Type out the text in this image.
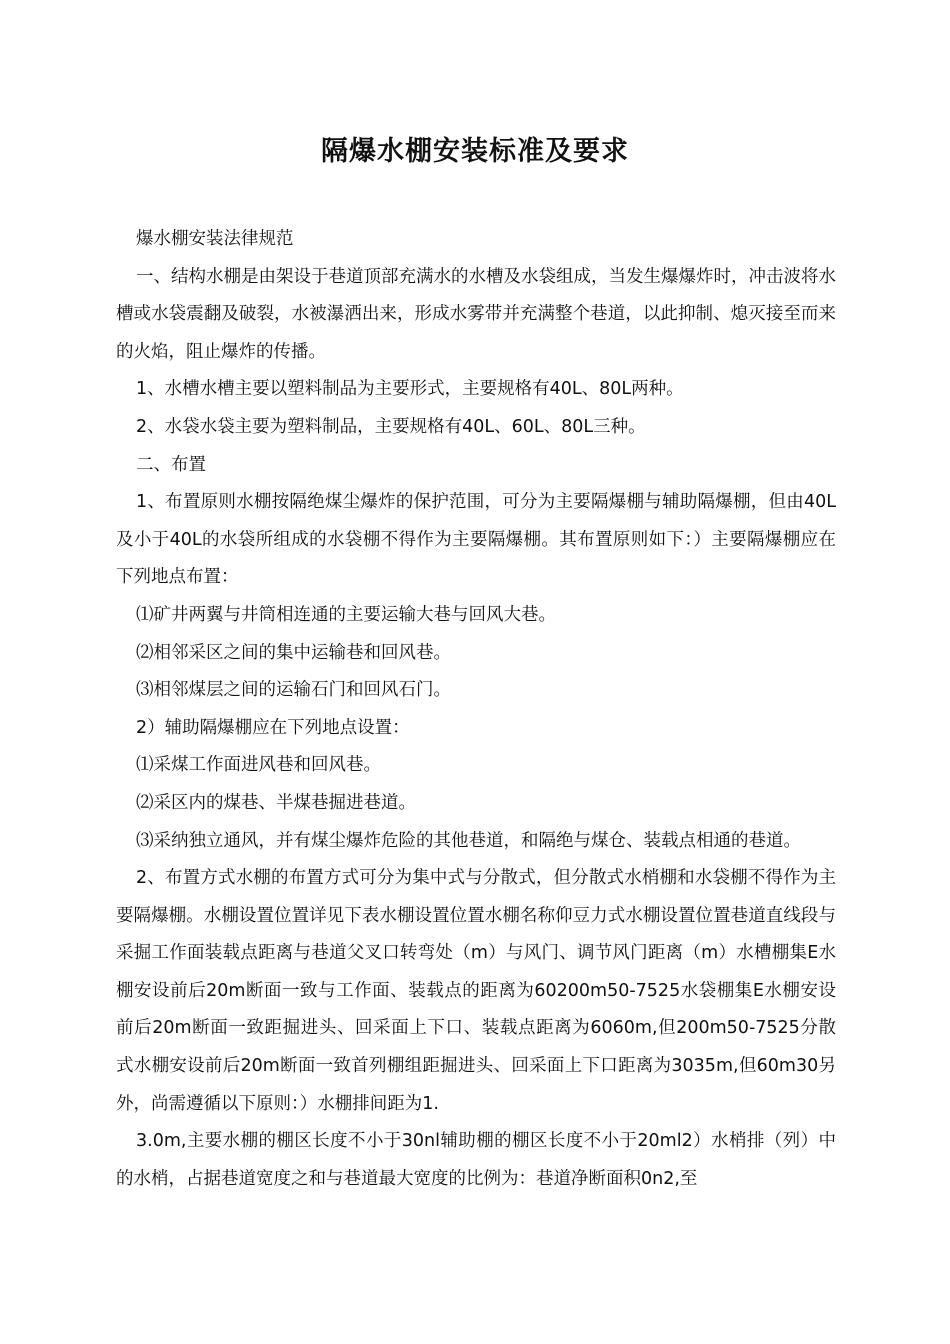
隔爆水棚安装标准及要求

爆水棚安装法律规范

一、结构水棚是由架设于巷道顶部充满水的水槽及水袋组成，当发生爆爆炸时，冲击波将水槽或水袋震翻及破裂，水被瀑洒出来，形成水雾带并充满整个巷道，以此抑制、熄灭接至而来的火焰，阻止爆炸的传播。

1、水槽水槽主要以塑料制品为主要形式，主要规格有40L、80L两种。

2、水袋水袋主要为塑料制品，主要规格有40L、60L、80L三种。

二、布置

1、布置原则水棚按隔绝煤尘爆炸的保护范围，可分为主要隔爆棚与辅助隔爆棚，但由40L及小于40L的水袋所组成的水袋棚不得作为主要隔爆棚。其布置原则如下：）主要隔爆棚应在下列地点布置：

⑴矿井两翼与井筒相连通的主要运输大巷与回风大巷。

⑵相邻采区之间的集中运输巷和回风巷。

⑶相邻煤层之间的运输石门和回风石门。

2）辅助隔爆棚应在下列地点设置：

⑴采煤工作面进风巷和回风巷。

⑵采区内的煤巷、半煤巷掘进巷道。

⑶采纳独立通风，并有煤尘爆炸危险的其他巷道，和隔绝与煤仓、装载点相通的巷道。

2、布置方式水棚的布置方式可分为集中式与分散式，但分散式水梢棚和水袋棚不得作为主要隔爆棚。水棚设置位置详见下表水棚设置位置水棚名称仰豆力式水棚设置位置巷道直线段与采掘工作面装载点距离与巷道父叉口转弯处（m）与风门、调节风门距离（m）水槽棚集E水棚安设前后20m断面一致与工作面、装载点的距离为60200m50-7525水袋棚集E水棚安设前后20m断面一致距掘进头、回采面上下口、装载点距离为6060m,但200m50-7525分散式水棚安设前后20m断面一致首列棚组距掘进头、回采面上下口距离为3035m,但60m30另外，尚需遵循以下原则：）水棚排间距为1.

3.0m,主要水棚的棚区长度不小于30nl辅助棚的棚区长度不小于20ml2）水梢排（列）中的水梢，占据巷道宽度之和与巷道最大宽度的比例为：巷道净断面积0n2,至
